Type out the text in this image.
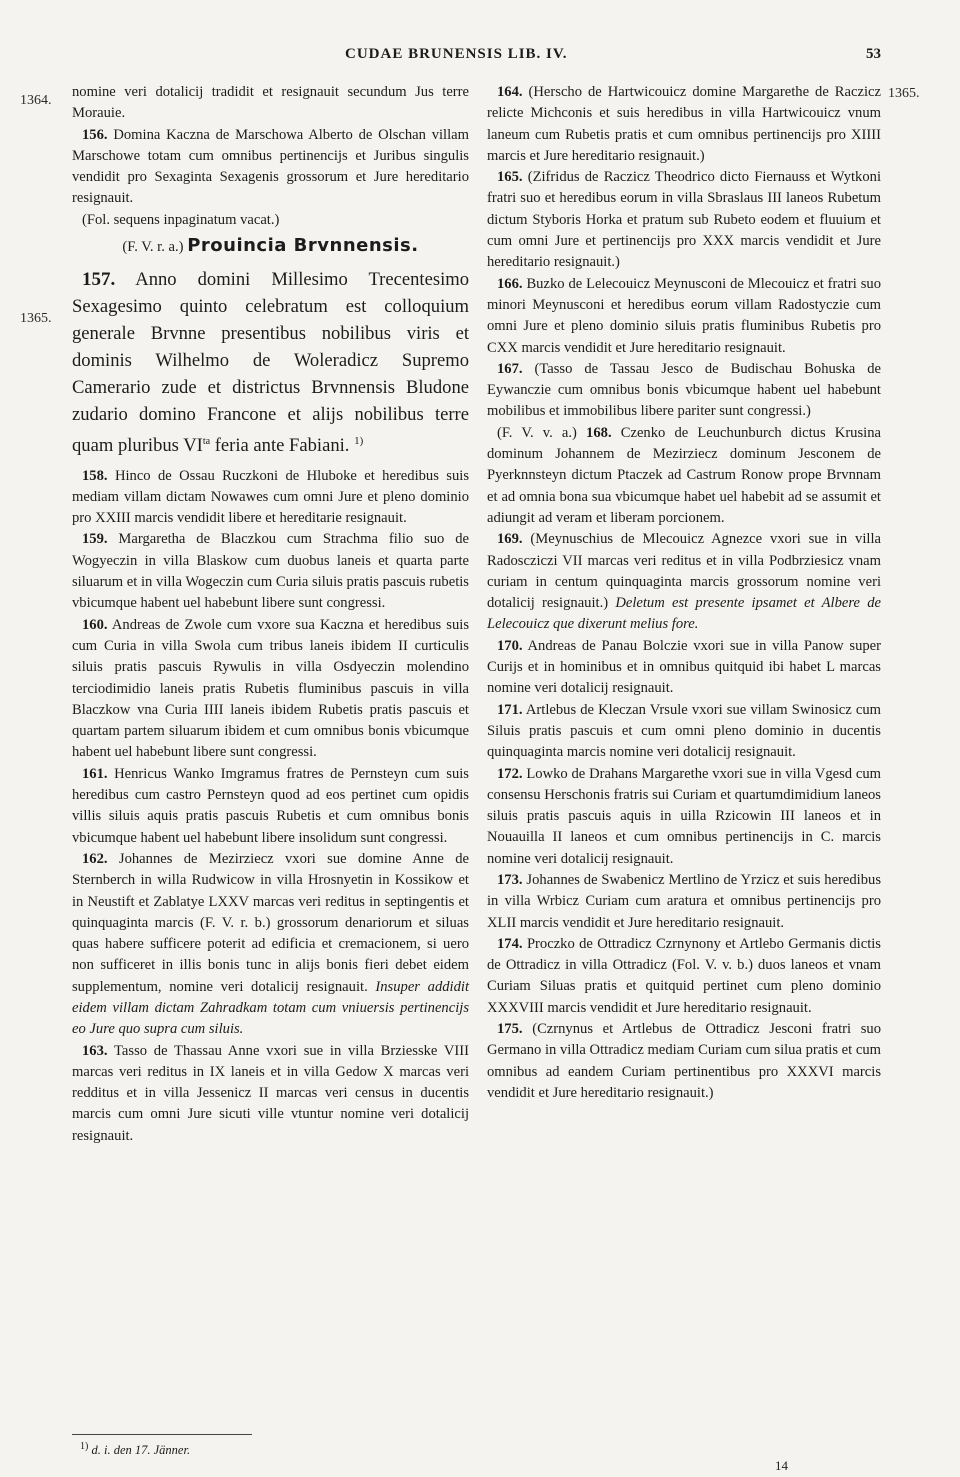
CUDAE BRUNENSIS LIB. IV.	53
1364.
1365.
1365.

nomine veri dotalicij tradidit et resignauit secundum Jus terre Morauie.

156. Domina Kaczna de Marschowa Alberto de Olschan villam Marschowe totam cum omnibus pertinencijs et Juribus singulis vendidit pro Sexaginta Sexagenis grossorum et Jure hereditario resignauit.

(Fol. sequens inpaginatum vacat.)

(F. V. r. a.) Prouincia Brvnnensis.

157. Anno domini Millesimo Trecentesimo Sexagesimo quinto celebratum est colloquium generale Brvnne presentibus nobilibus viris et dominis Wilhelmo de Woleradicz Supremo Camerario zude et districtus Brvnnensis Bludone zudario domino Francone et alijs nobilibus terre quam pluribus $VI^{ta}$ feria ante Fabiani. $^{1)}$

158. Hinco de Ossau Ruczkoni de Hluboke et heredibus suis mediam villam dictam Nowawes cum omni Jure et pleno dominio pro XXIII marcis vendidit libere et hereditarie resignauit.

159. Margaretha de Blaczkou cum Strachma filio suo de Wogyeczin in villa Blaskow cum duobus laneis et quarta parte siluarum et in villa Wogeczin cum Curia siluis pratis pascuis rubetis vbicumque habent uel habebunt libere sunt congressi.

160. Andreas de Zwole cum vxore sua Kaczna et heredibus suis cum Curia in villa Swola cum tribus laneis ibidem II curticulis siluis pratis pascuis Rywulis in villa Osdyeczin molendino terciodimidio laneis pratis Rubetis fluminibus pascuis in villa Blaczkow vna Curia IIII laneis ibidem Rubetis pratis pascuis et quartam partem siluarum ibidem et cum omnibus bonis vbicumque habent uel habebunt libere sunt congressi.

161. Henricus Wanko Imgramus fratres de Pernsteyn cum suis heredibus cum castro Pernsteyn quod ad eos pertinet cum opidis villis siluis aquis pratis pascuis Rubetis et cum omnibus bonis vbicumque habent uel habebunt libere insolidum sunt congressi.

162. Johannes de Mezirziecz vxori sue domine Anne de Sternberch in willa Rudwicow in villa Hrosnyetin in Kossikow et in Neustift et Zablatye LXXV marcas veri reditus in septingentis et quinquaginta marcis (F. V. r. b.) grossorum denariorum et siluas quas habere sufficere poterit ad edificia et cremacionem, si uero non sufficeret in illis bonis tunc in alijs bonis fieri debet eidem supplementum, nomine veri dotalicij resignauit. Insuper addidit eidem villam dictam Zahradkam totam cum vniuersis pertinencijs eo Jure quo supra cum siluis.

163. Tasso de Thassau Anne vxori sue in villa Brziesske VIII marcas veri reditus in IX laneis et in villa Gedow X marcas veri redditus et in villa Jessenicz II marcas veri census in ducentis marcis cum omni Jure sicuti ville vtuntur nomine veri dotalicij resignauit.

164. (Herscho de Hartwicouicz domine Margarethe de Raczicz relicte Michconis et suis heredibus in villa Hartwicouicz vnum laneum cum Rubetis pratis et cum omnibus pertinencijs pro XIIII marcis et Jure hereditario resignauit.)

165. (Zifridus de Raczicz Theodrico dicto Fiernauss et Wytkoni fratri suo et heredibus eorum in villa Sbraslaus III laneos Rubetum dictum Styboris Horka et pratum sub Rubeto eodem et fluuium et cum omni Jure et pertinencijs pro XXX marcis vendidit et Jure hereditario resignauit.)

166. Buzko de Lelecouicz Meynusconi de Mlecouicz et fratri suo minori Meynusconi et heredibus eorum villam Radostyczie cum omni Jure et pleno dominio siluis pratis fluminibus Rubetis pro CXX marcis vendidit et Jure hereditario resignauit.

167. (Tasso de Tassau Jesco de Budischau Bohuska de Eywanczie cum omnibus bonis vbicumque habent uel habebunt mobilibus et immobilibus libere pariter sunt congressi.)

(F. V. v. a.) 168. Czenko de Leuchunburch dictus Krusina dominum Johannem de Mezirziecz dominum Jesconem de Pyerknnsteyn dictum Ptaczek ad Castrum Ronow prope Brvnnam et ad omnia bona sua vbicumque habet uel habebit ad se assumit et adiungit ad veram et liberam porcionem.

169. (Meynuschius de Mlecouicz Agnezce vxori sue in villa Radosczіczi VII marcas veri reditus et in villa Podbrziesicz vnam curiam in centum quinquaginta marcis grossorum nomine veri dotalicij resignauit.) Deletum est presente ipsamet et Albere de Lelecouicz que dixerunt melius fore.

170. Andreas de Panau Bolczie vxori sue in villa Panow super Curijs et in hominibus et in omnibus quitquid ibi habet L marcas nomine veri dotalicij resignauit.

171. Artlebus de Kleczan Vrsule vxori sue villam Swinosicz cum Siluis pratis pascuis et cum omni pleno dominio in ducentis quinquaginta marcis nomine veri dotalicij resignauit.

172. Lowko de Drahans Margarethe vxori sue in villa Vgesd cum consensu Herschonis fratris sui Curiam et quartumdimidium laneos siluis pratis pascuis aquis in uilla Rzicowin III laneos et in Nouauilla II laneos et cum omnibus pertinencijs in C. marcis nomine veri dotalicij resignauit.

173. Johannes de Swabenicz Mertlino de Yrzicz et suis heredibus in villa Wrbicz Curiam cum aratura et omnibus pertinencijs pro XLII marcis vendidit et Jure hereditario resignauit.

174. Proczko de Ottradicz Czrnynony et Artlebo Germanis dictis de Ottradicz in villa Ottradicz (Fol. V. v. b.) duos laneos et vnam Curiam Siluas pratis et quitquid pertinet cum pleno dominio XXXVIII marcis vendidit et Jure hereditario resignauit.

175. (Czrnynus et Artlebus de Ottradicz Jesconi fratri suo Germano in villa Ottradicz mediam Curiam cum silua pratis et cum omnibus ad eandem Curiam pertinentibus pro XXXVI marcis vendidit et Jure hereditario resignauit.)

$^{1)}$ d. i. den 17. Jänner.
14
